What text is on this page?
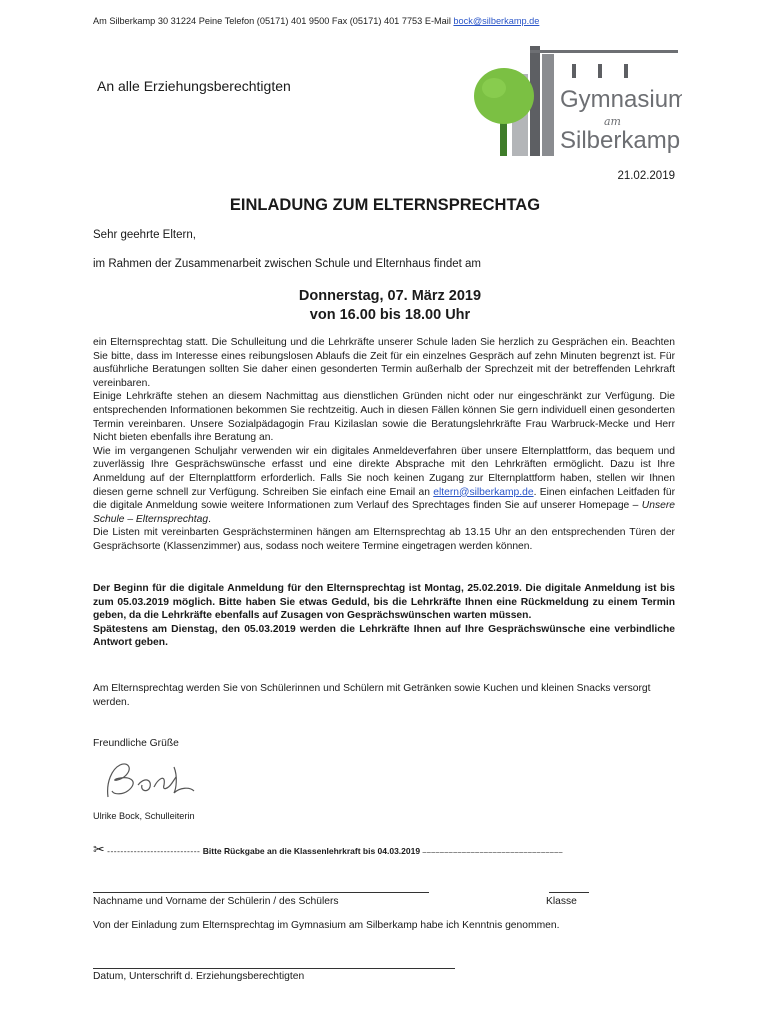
Am Silberkamp 30 31224 Peine Telefon (05171) 401 9500 Fax (05171) 401 7753 E-Mail bock@silberkamp.de
An alle Erziehungsberechtigten	Gymnasium
am
Silberkamp
21.02.2019
EINLADUNG ZUM ELTERNSPRECHTAG
Sehr geehrte Eltern,
im Rahmen der Zusammenarbeit zwischen Schule und Elternhaus findet am
Donnerstag, 07. März 2019
von 16.00 bis 18.00 Uhr

ein Elternsprechtag statt. Die Schulleitung und die Lehrkräfte unserer Schule laden Sie herzlich zu Gesprächen ein. Beachten Sie bitte, dass im Interesse eines reibungslosen Ablaufs die Zeit für ein einzelnes Gespräch auf zehn Minuten begrenzt ist. Für ausführliche Beratungen sollten Sie daher einen gesonderten Termin außerhalb der Sprechzeit mit der betreffenden Lehrkraft vereinbaren.

Einige Lehrkräfte stehen an diesem Nachmittag aus dienstlichen Gründen nicht oder nur eingeschränkt zur Verfügung. Die entsprechenden Informationen bekommen Sie rechtzeitig. Auch in diesen Fällen können Sie gern individuell einen gesonderten Termin vereinbaren. Unsere Sozialpädagogin Frau Kizilaslan sowie die Beratungslehrkräfte Frau Warbruck-Mecke und Herr Nicht bieten ebenfalls ihre Beratung an.

Wie im vergangenen Schuljahr verwenden wir ein digitales Anmeldeverfahren über unsere Elternplattform, das bequem und zuverlässig Ihre Gesprächswünsche erfasst und eine direkte Absprache mit den Lehrkräften ermöglicht. Dazu ist Ihre Anmeldung auf der Elternplattform erforderlich. Falls Sie noch keinen Zugang zur Elternplattform haben, stellen wir Ihnen diesen gerne schnell zur Verfügung. Schreiben Sie einfach eine Email an eltern@silberkamp.de. Einen einfachen Leitfaden für die digitale Anmeldung sowie weitere Informationen zum Verlauf des Sprechtages finden Sie auf unserer Homepage – Unsere Schule – Elternsprechtag.

Die Listen mit vereinbarten Gesprächsterminen hängen am Elternsprechtag ab 13.15 Uhr an den entsprechenden Türen der Gesprächsorte (Klassenzimmer) aus, sodass noch weitere Termine eingetragen werden können.

Der Beginn für die digitale Anmeldung für den Elternsprechtag ist Montag, 25.02.2019. Die digitale Anmeldung ist bis zum 05.03.2019 möglich. Bitte haben Sie etwas Geduld, bis die Lehrkräfte Ihnen eine Rückmeldung zu einem Termin geben, da die Lehrkräfte ebenfalls auf Zusagen von Gesprächswünschen warten müssen.

Spätestens am Dienstag, den 05.03.2019 werden die Lehrkräfte Ihnen auf Ihre Gesprächswünsche eine verbindliche Antwort geben.

Am Elternsprechtag werden Sie von Schülerinnen und Schülern mit Getränken sowie Kuchen und kleinen Snacks versorgt werden.
Freundliche Grüße
Ulrike Bock, Schulleiterin
✂ ---------------------------- Bitte Rückgabe an die Klassenlehrkraft bis 04.03.2019 ––––––––––––––––––––––––––––––––
Nachname und Vorname der Schülerin / des Schülers	Klasse
Von der Einladung zum Elternsprechtag im Gymnasium am Silberkamp habe ich Kenntnis genommen.
Datum, Unterschrift d. Erziehungsberechtigten
